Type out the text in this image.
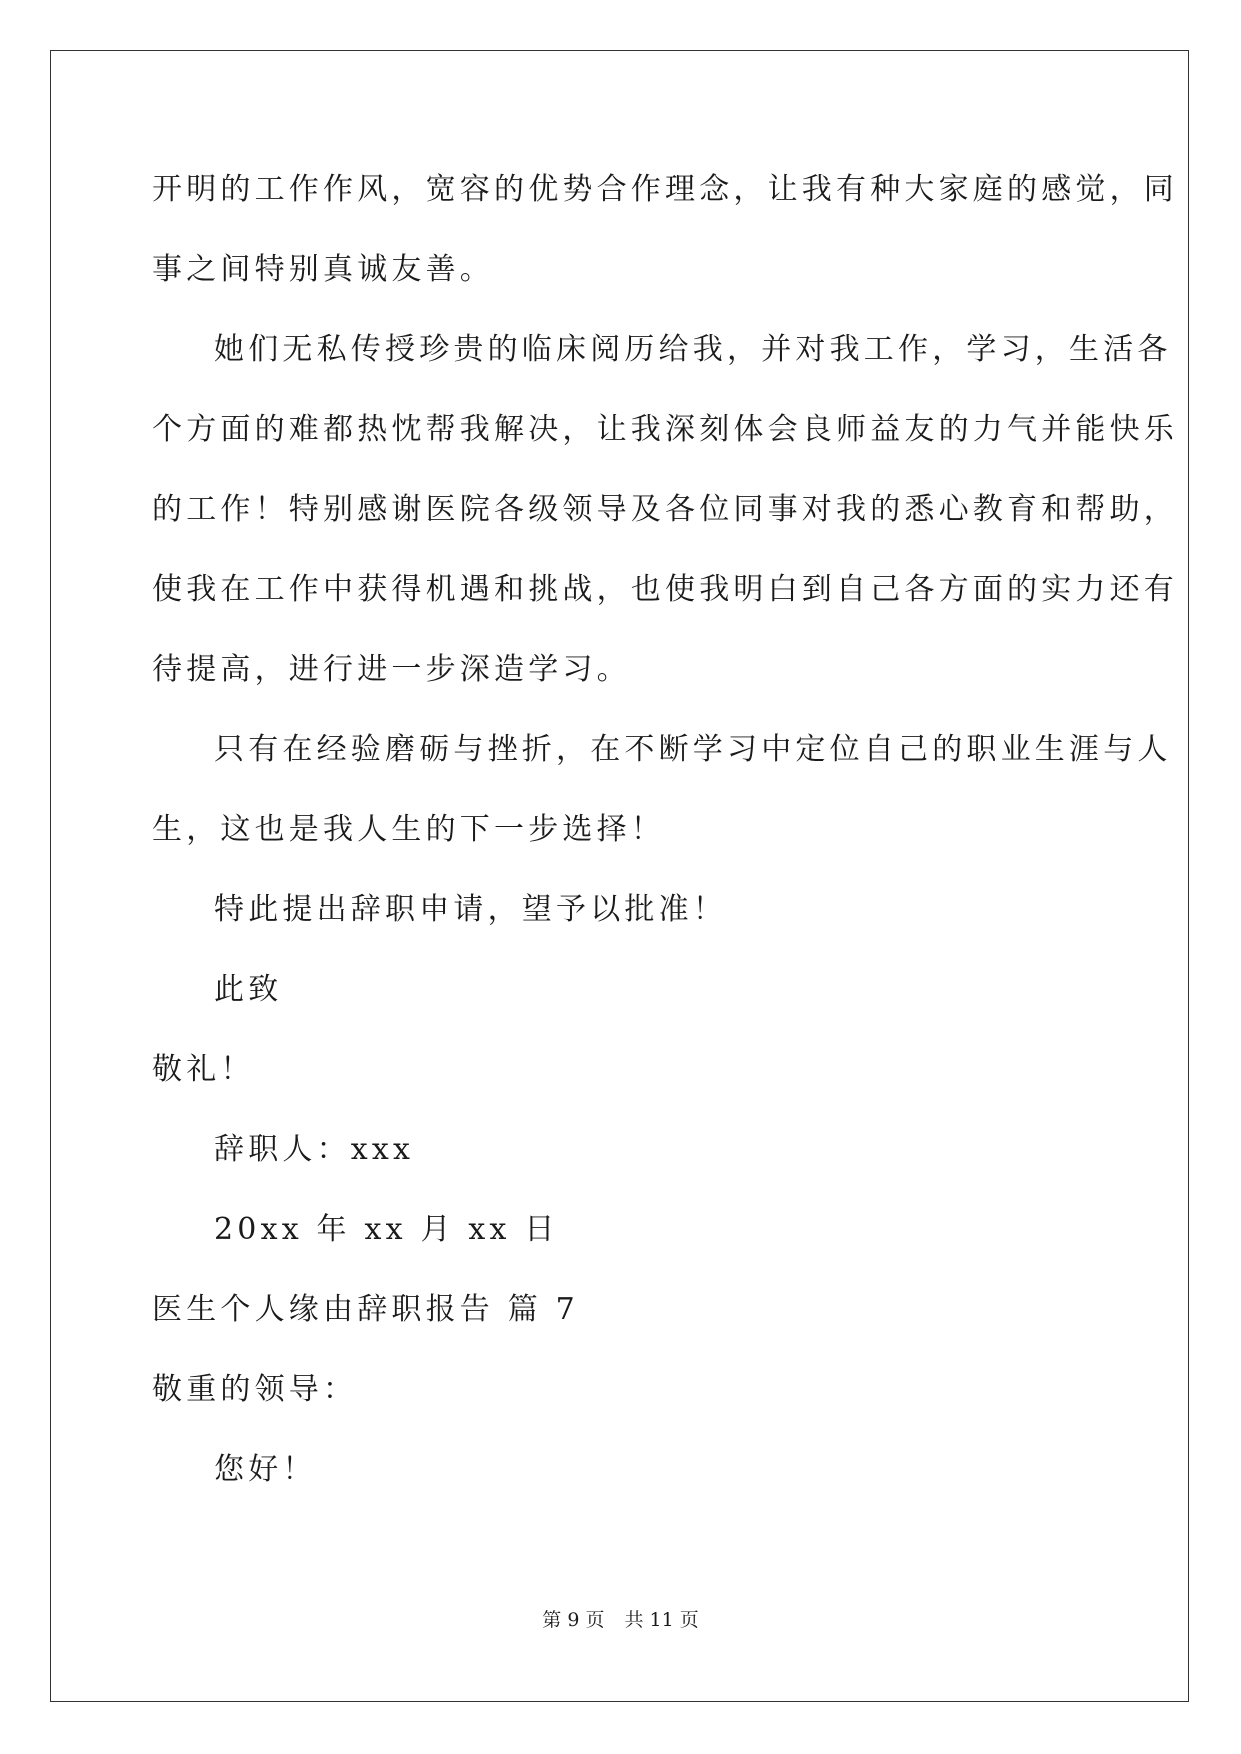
开明的工作作风，宽容的优势合作理念，让我有种大家庭的感觉，同
事之间特别真诚友善。
她们无私传授珍贵的临床阅历给我，并对我工作，学习，生活各
个方面的难都热忱帮我解决，让我深刻体会良师益友的力气并能快乐
的工作！特别感谢医院各级领导及各位同事对我的悉心教育和帮助，
使我在工作中获得机遇和挑战，也使我明白到自己各方面的实力还有
待提高，进行进一步深造学习。
只有在经验磨砺与挫折，在不断学习中定位自己的职业生涯与人
生，这也是我人生的下一步选择！
特此提出辞职申请，望予以批准！
此致
敬礼！
辞职人：xxx
20xx 年 xx 月 xx 日
医生个人缘由辞职报告 篇 7
敬重的领导：
您好！
第 9 页 共 11 页
